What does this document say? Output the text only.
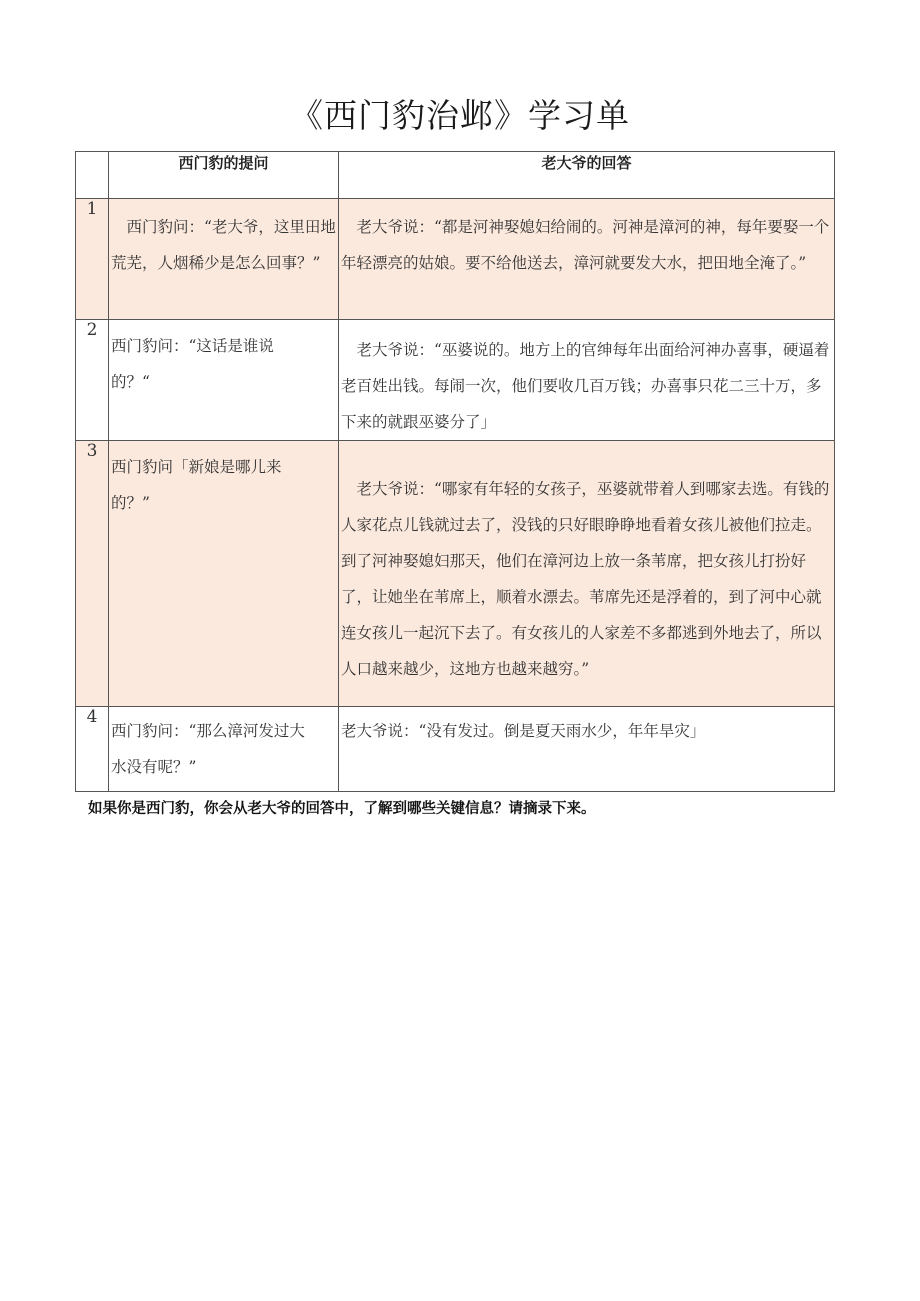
《西门豹治邺》学习单
	西门豹的提问	老大爷的回答
1	西门豹问：“老大爷，这里田地荒芜，人烟稀少是怎么回事？”	老大爷说：“都是河神娶媳妇给闹的。河神是漳河的神，每年要娶一个年轻漂亮的姑娘。要不给他送去，漳河就要发大水，把田地全淹了。”

2	西门豹问：“这话是谁说的？“	老大爷说：“巫婆说的。地方上的官绅每年出面给河神办喜事，硬逼着老百姓出钱。每闹一次，他们要收几百万钱；办喜事只花二三十万，多下来的就跟巫婆分了」

3	西门豹问「新娘是哪儿来的？”	老大爷说：“哪家有年轻的女孩子，巫婆就带着人到哪家去选。有钱的人家花点儿钱就过去了，没钱的只好眼睁睁地看着女孩儿被他们拉走。到了河神娶媳妇那天，他们在漳河边上放一条苇席，把女孩儿打扮好了，让她坐在苇席上，顺着水漂去。苇席先还是浮着的，到了河中心就连女孩儿一起沉下去了。有女孩儿的人家差不多都逃到外地去了，所以人口越来越少，这地方也越来越穷。”

4	西门豹问：“那么漳河发过大水没有呢？”	老大爷说：“没有发过。倒是夏天雨水少，年年旱灾」
如果你是西门豹，你会从老大爷的回答中，了解到哪些关键信息？请摘录下来。
